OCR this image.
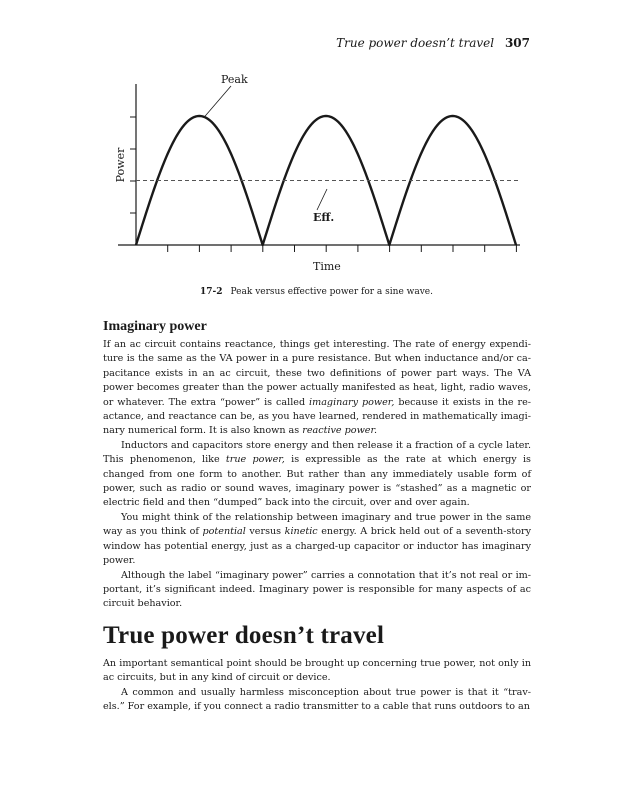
True power doesn’t travel 307
Time
Power
Peak
Eff.
17-2 Peak versus effective power for a sine wave.
Imaginary power

If an ac circuit contains reactance, things get interesting. The rate of energy expenditure is the same as the VA power in a pure resistance. But when inductance and/or capacitance exists in an ac circuit, these two definitions of power part ways. The VA power becomes greater than the power actually manifested as heat, light, radio waves, or whatever. The extra “power” is called imaginary power, because it exists in the reactance, and reactance can be, as you have learned, rendered in mathematically imaginary numerical form. It is also known as reactive power.

Inductors and capacitors store energy and then release it a fraction of a cycle later. This phenomenon, like true power, is expressible as the rate at which energy is changed from one form to another. But rather than any immediately usable form of power, such as radio or sound waves, imaginary power is “stashed” as a magnetic or electric field and then “dumped” back into the circuit, over and over again.

You might think of the relationship between imaginary and true power in the same way as you think of potential versus kinetic energy. A brick held out of a seventh-story window has potential energy, just as a charged-up capacitor or inductor has imaginary power.

Although the label “imaginary power” carries a connotation that it’s not real or important, it’s significant indeed. Imaginary power is responsible for many aspects of ac circuit behavior.

True power doesn’t travel

An important semantical point should be brought up concerning true power, not only in ac circuits, but in any kind of circuit or device.

A common and usually harmless misconception about true power is that it “travels.” For example, if you connect a radio transmitter to a cable that runs outdoors to an
